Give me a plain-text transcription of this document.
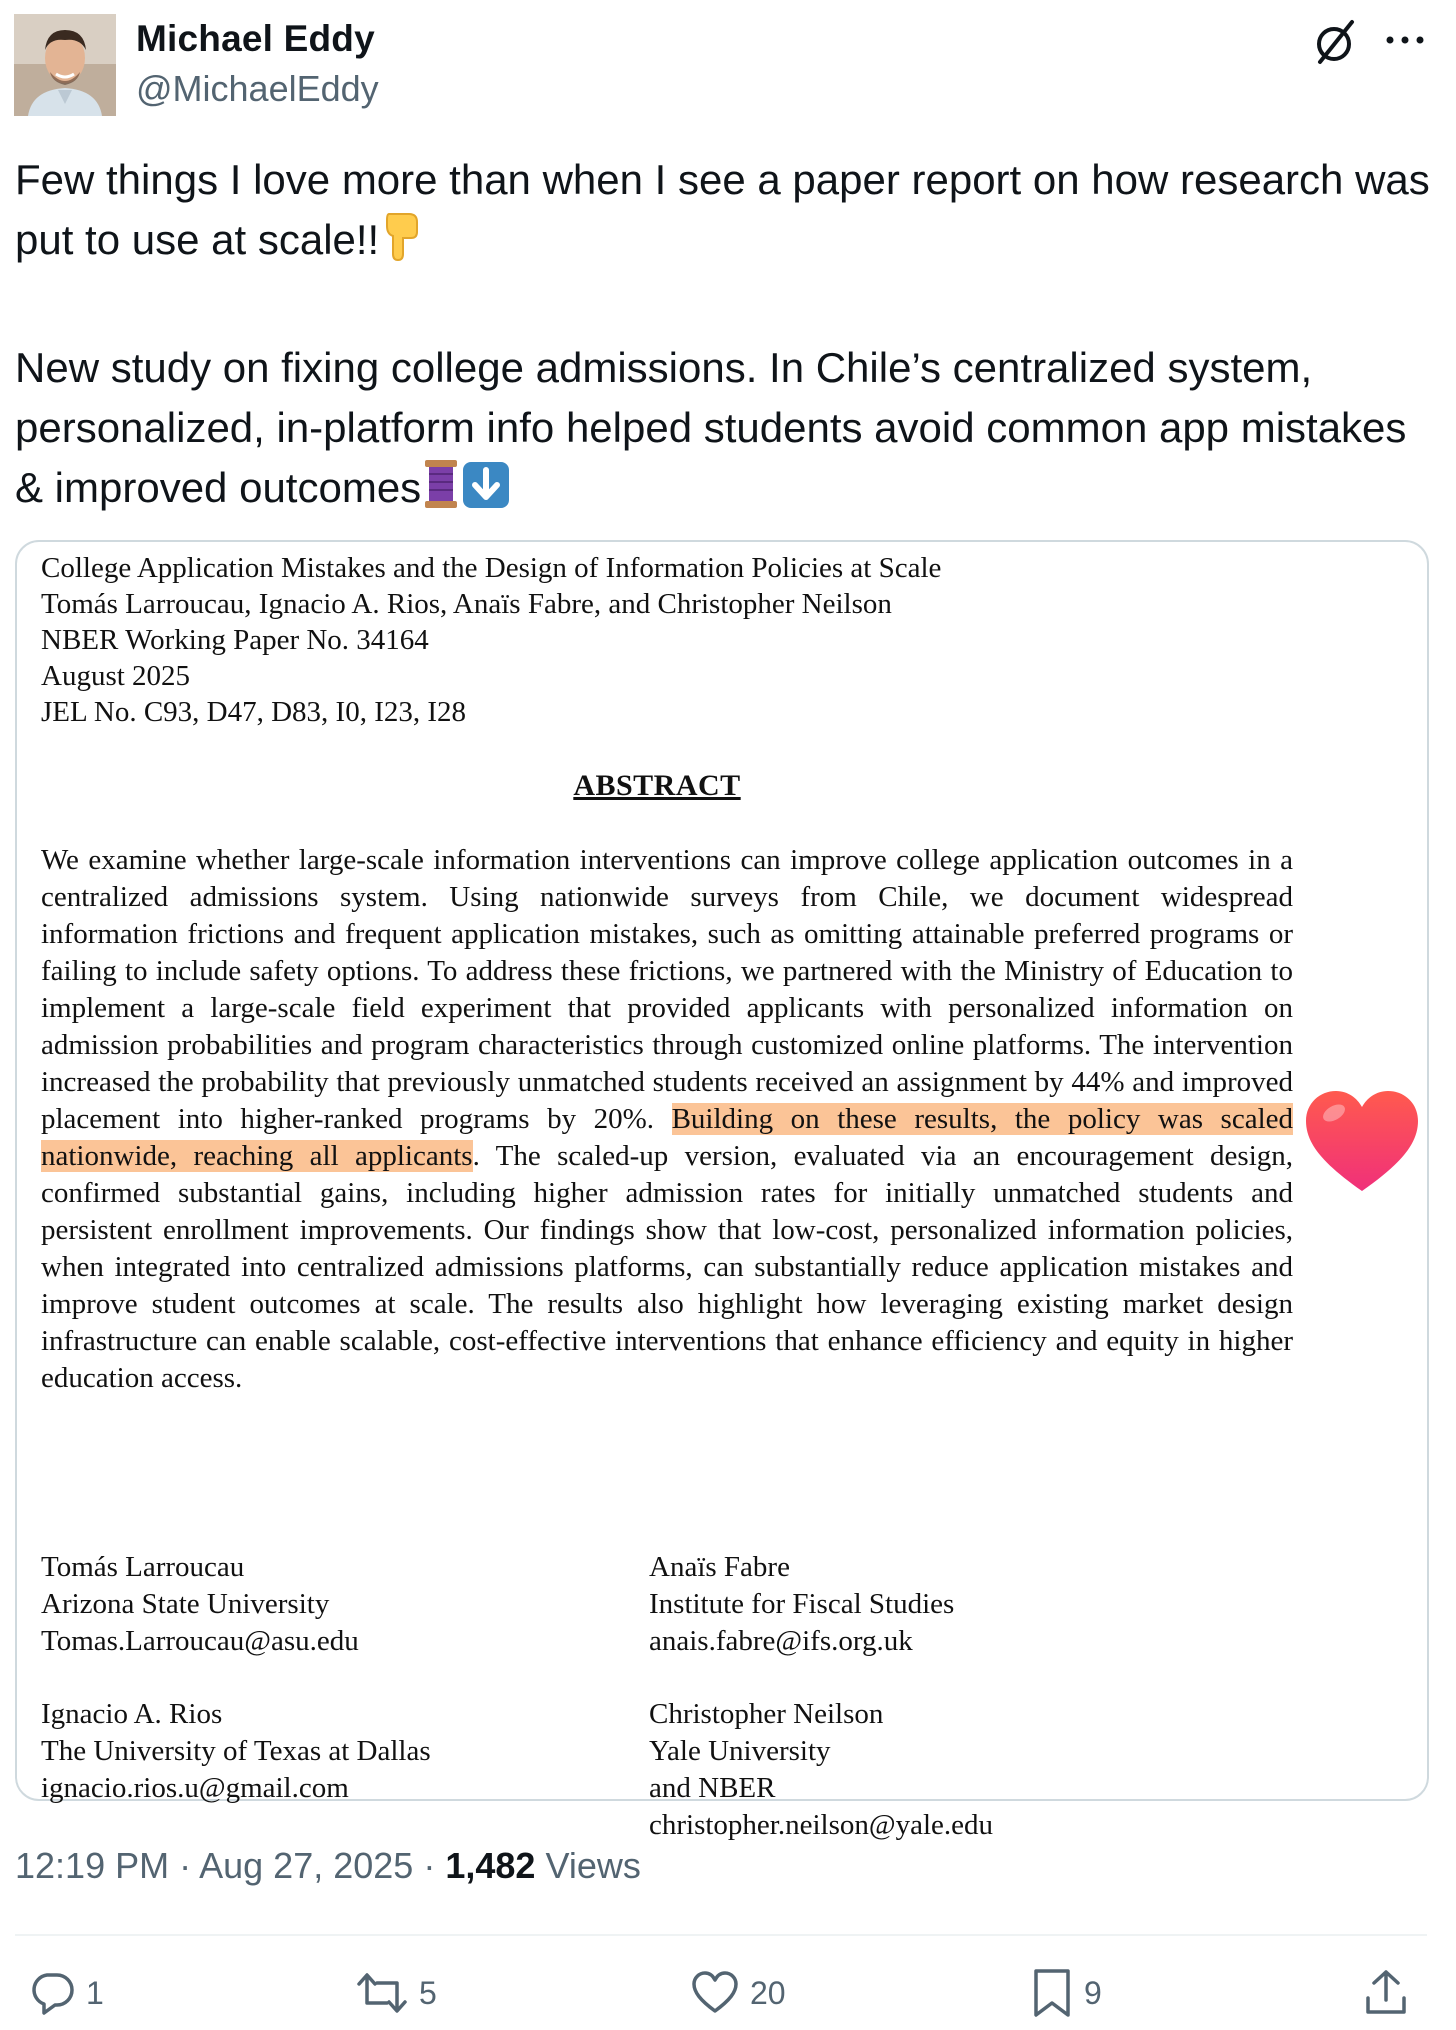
Michael Eddy
@MichaelEddy
Few things I love more than when I see a paper report on how research was put to use at scale!!

New study on fixing college admissions. In Chile’s centralized system, personalized, in-platform info helped students avoid common app mistakes & improved outcomes
College Application Mistakes and the Design of Information Policies at Scale
Tomás Larroucau, Ignacio A. Rios, Anaïs Fabre, and Christopher Neilson
NBER Working Paper No. 34164
August 2025
JEL No. C93, D47, D83, I0, I23, I28
ABSTRACT
We examine whether large-scale information interventions can improve college application outcomes in a centralized admissions system. Using nationwide surveys from Chile, we document widespread information frictions and frequent application mistakes, such as omitting attainable preferred programs or failing to include safety options. To address these frictions, we partnered with the Ministry of Education to implement a large-scale field experiment that provided applicants with personalized information on admission probabilities and program characteristics through customized online platforms. The intervention increased the probability that previously unmatched students received an assignment by 44% and improved placement into higher-ranked programs by 20%. Building on these results, the policy was scaled nationwide, reaching all applicants. The scaled-up version, evaluated via an encouragement design, confirmed substantial gains, including higher admission rates for initially unmatched students and persistent enrollment improvements. Our findings show that low-cost, personalized information policies, when integrated into centralized admissions platforms, can substantially reduce application mistakes and improve student outcomes at scale. The results also highlight how leveraging existing market design infrastructure can enable scalable, cost-effective interventions that enhance efficiency and equity in higher education access.
Tomás Larroucau
Arizona State University
Tomas.Larroucau@asu.edu
Anaïs Fabre
Institute for Fiscal Studies
anais.fabre@ifs.org.uk
Ignacio A. Rios
The University of Texas at Dallas
ignacio.rios.u@gmail.com
Christopher Neilson
Yale University
and NBER
christopher.neilson@yale.edu
12:19 PM · Aug 27, 2025 · 1,482 Views
1	5	20	9
